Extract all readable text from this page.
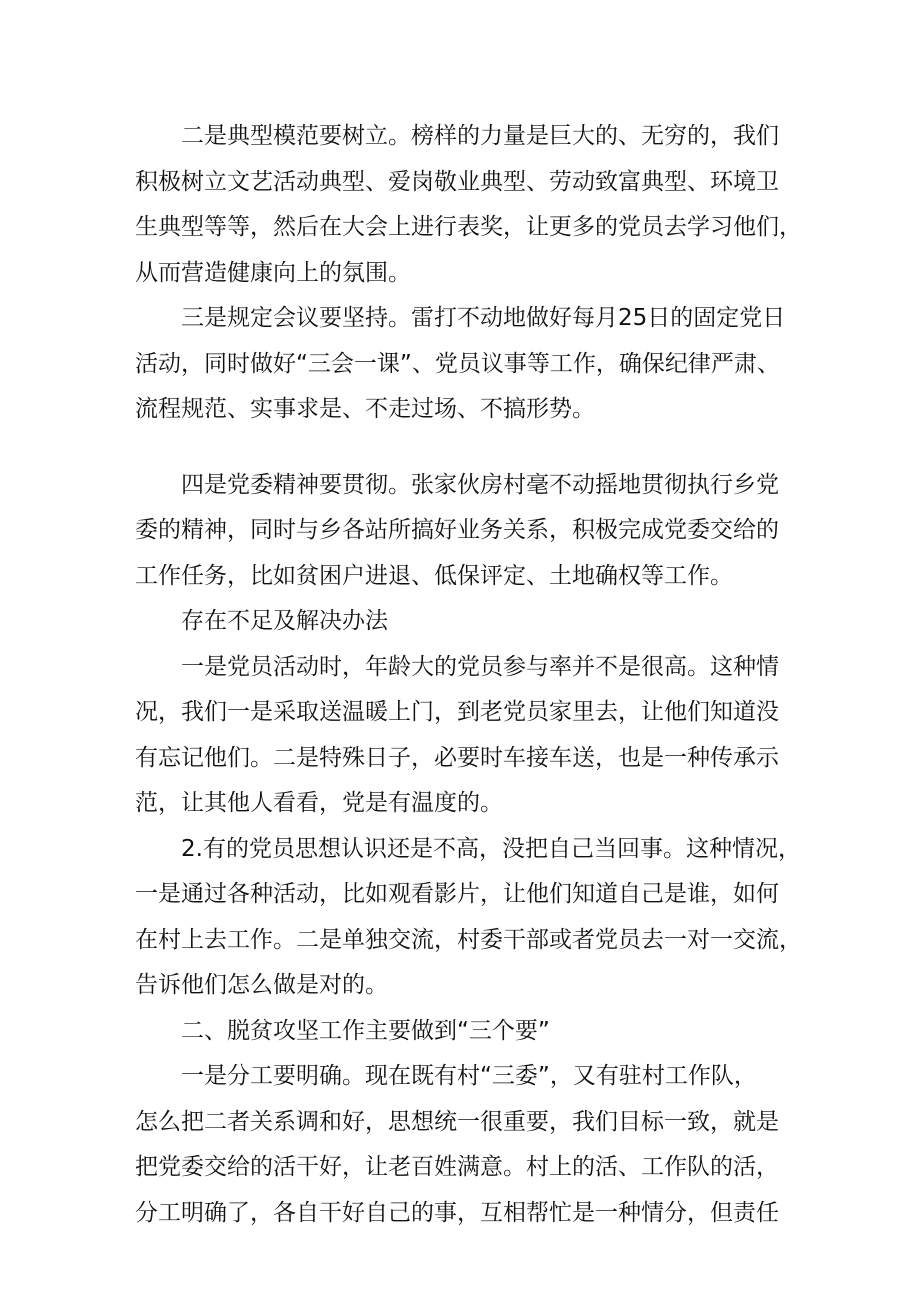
二是典型模范要树立。榜样的力量是巨大的、无穷的，我们
积极树立文艺活动典型、爱岗敬业典型、劳动致富典型、环境卫
生典型等等，然后在大会上进行表奖，让更多的党员去学习他们，
从而营造健康向上的氛围。

三是规定会议要坚持。雷打不动地做好每月25日的固定党日
活动，同时做好“三会一课”、党员议事等工作，确保纪律严肃、
流程规范、实事求是、不走过场、不搞形势。

四是党委精神要贯彻。张家伙房村毫不动摇地贯彻执行乡党
委的精神，同时与乡各站所搞好业务关系，积极完成党委交给的
工作任务，比如贫困户进退、低保评定、土地确权等工作。

存在不足及解决办法

一是党员活动时，年龄大的党员参与率并不是很高。这种情
况，我们一是采取送温暖上门，到老党员家里去，让他们知道没
有忘记他们。二是特殊日子，必要时车接车送，也是一种传承示
范，让其他人看看，党是有温度的。

2.有的党员思想认识还是不高，没把自己当回事。这种情况，
一是通过各种活动，比如观看影片，让他们知道自己是谁，如何
在村上去工作。二是单独交流，村委干部或者党员去一对一交流，
告诉他们怎么做是对的。

二、脱贫攻坚工作主要做到“三个要”

一是分工要明确。现在既有村“三委”，又有驻村工作队，
怎么把二者关系调和好，思想统一很重要，我们目标一致，就是
把党委交给的活干好，让老百姓满意。村上的活、工作队的活，
分工明确了，各自干好自己的事，互相帮忙是一种情分，但责任
